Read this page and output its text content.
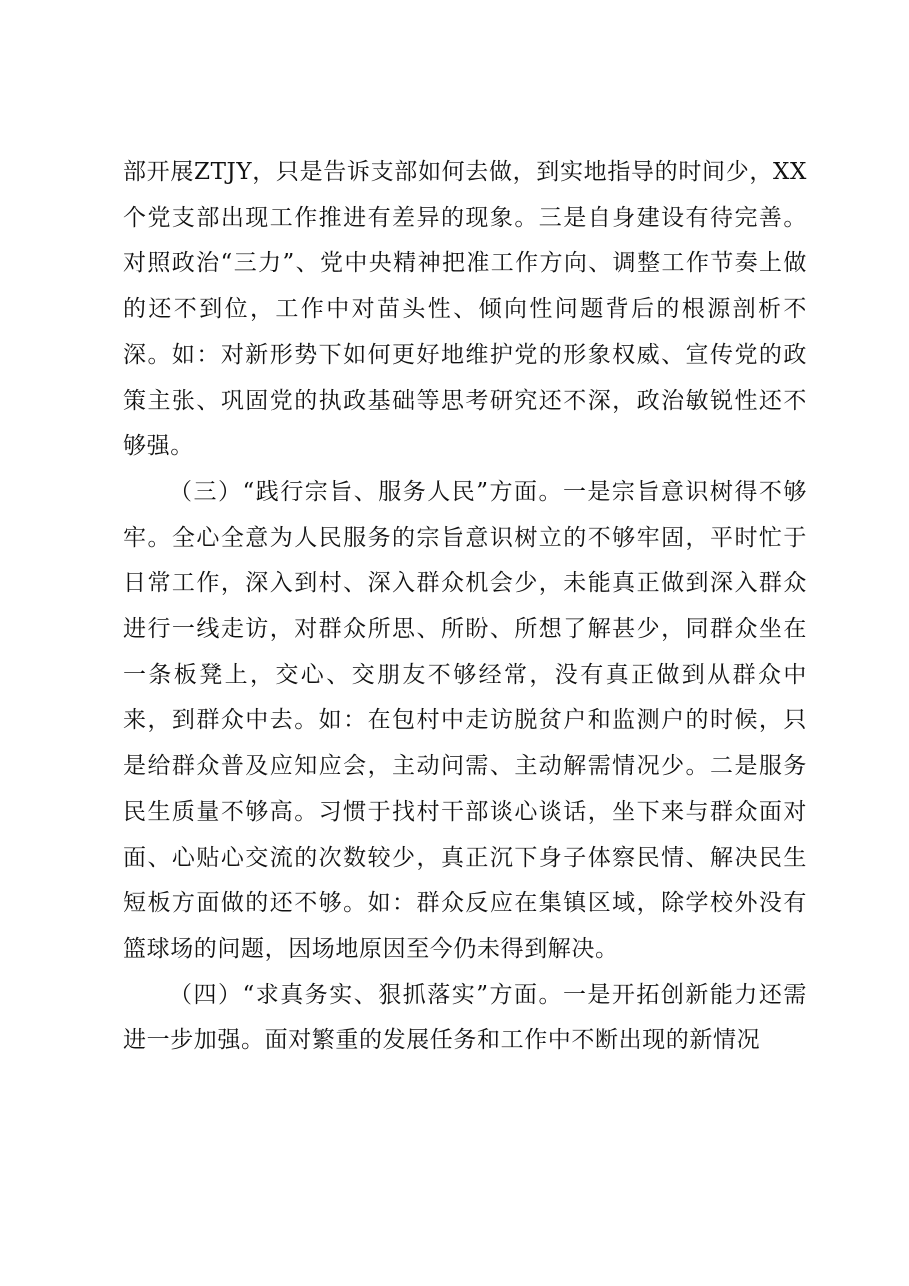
部开展ZTJY，只是告诉支部如何去做，到实地指导的时间少，XX个党支部出现工作推进有差异的现象。三是自身建设有待完善。对照政治“三力”、党中央精神把准工作方向、调整工作节奏上做的还不到位，工作中对苗头性、倾向性问题背后的根源剖析不深。如：对新形势下如何更好地维护党的形象权威、宣传党的政策主张、巩固党的执政基础等思考研究还不深，政治敏锐性还不够强。

（三）“践行宗旨、服务人民”方面。一是宗旨意识树得不够牢。全心全意为人民服务的宗旨意识树立的不够牢固，平时忙于日常工作，深入到村、深入群众机会少，未能真正做到深入群众进行一线走访，对群众所思、所盼、所想了解甚少，同群众坐在一条板凳上，交心、交朋友不够经常，没有真正做到从群众中来，到群众中去。如：在包村中走访脱贫户和监测户的时候，只是给群众普及应知应会，主动问需、主动解需情况少。二是服务民生质量不够高。习惯于找村干部谈心谈话，坐下来与群众面对面、心贴心交流的次数较少，真正沉下身子体察民情、解决民生短板方面做的还不够。如：群众反应在集镇区域，除学校外没有篮球场的问题，因场地原因至今仍未得到解决。

（四）“求真务实、狠抓落实”方面。一是开拓创新能力还需进一步加强。面对繁重的发展任务和工作中不断出现的新情况
